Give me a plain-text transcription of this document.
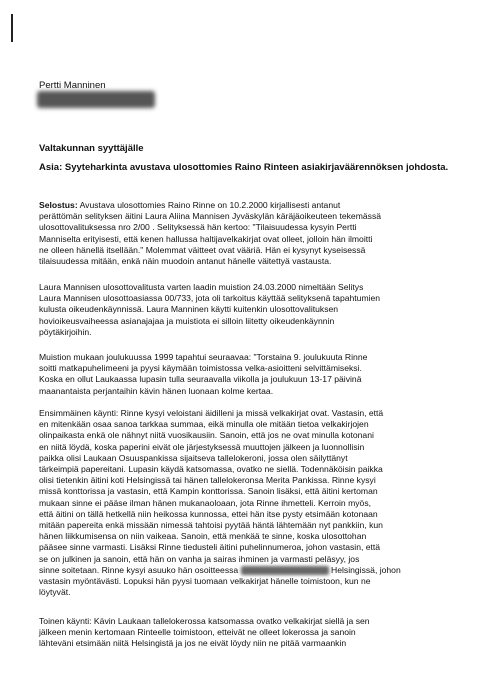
Pertti Manninen
Valtakunnan syyttäjälle
Asia: Syyteharkinta avustava ulosottomies Raino Rinteen asiakirjaväärennöksen johdosta.
Selostus: Avustava ulosottomies Raino Rinne on 10.2.2000 kirjallisesti antanut
perättömän selityksen äitini Laura Aliina Mannisen Jyväskylän käräjäoikeuteen tekemässä
ulosottovalituksessa nro 2/00 . Selityksessä hän kertoo: "Tilaisuudessa kysyin Pertti
Manniselta erityisesti, että kenen hallussa haltijavelkakirjat ovat olleet, jolloin hän ilmoitti
ne olleen hänellä itsellään." Molemmat väitteet ovat vääriä. Hän ei kysynyt kyseisessä
tilaisuudessa mitään, enkä näin muodoin antanut hänelle väitettyä vastausta.
Laura Mannisen ulosottovalitusta varten laadin muistion 24.03.2000 nimeltään Selitys
Laura Mannisen ulosottoasiassa 00/733, jota oli tarkoitus käyttää selityksenä tapahtumien
kulusta oikeudenkäynnissä. Laura Manninen käytti kuitenkin ulosottovalituksen
hovioikeusvaiheessa asianajajaa ja muistiota ei silloin liitetty oikeudenkäynnin
pöytäkirjoihin.
Muistion mukaan joulukuussa 1999 tapahtui seuraavaa: "Torstaina 9. joulukuuta Rinne
soitti matkapuhelimeeni ja pyysi käymään toimistossa velka-asioitteni selvittämiseksi.
Koska en ollut Laukaassa lupasin tulla seuraavalla viikolla ja joulukuun 13-17 päivinä
maanantaista perjantaihin kävin hänen luonaan kolme kertaa.
Ensimmäinen käynti: Rinne kysyi veloistani äidilleni ja missä velkakirjat ovat. Vastasin, että
en mitenkään osaa sanoa tarkkaa summaa, eikä minulla ole mitään tietoa velkakirjojen
olinpaikasta enkä ole nähnyt niitä vuosikausiin. Sanoin, että jos ne ovat minulla kotonani
en niitä löydä, koska paperini eivät ole järjestyksessä muuttojen jälkeen ja luonnollisin
paikka olisi Laukaan Osuuspankissa sijaitseva tallelokeroni, jossa olen säilyttänyt
tärkeimpiä papereitani. Lupasin käydä katsomassa, ovatko ne siellä. Todennäköisin paikka
olisi tietenkin äitini koti Helsingissä tai hänen tallelokeronsa Merita Pankissa. Rinne kysyi
missä konttorissa ja vastasin, että Kampin konttorissa. Sanoin lisäksi, että äitini kertoman
mukaan sinne ei pääse ilman hänen mukanaoloaan, jota Rinne ihmetteli. Kerroin myös,
että äitini on tällä hetkellä niin heikossa kunnossa, ettei hän itse pysty etsimään kotonaan
mitään papereita enkä missään nimessä tahtoisi pyytää häntä lähtemään nyt pankkiin, kun
hänen liikkumisensa on niin vaikeaa. Sanoin, että menkää te sinne, koska ulosottohan
pääsee sinne varmasti. Lisäksi Rinne tiedusteli äitini puhelinnumeroa, johon vastasin, että
se on julkinen ja sanoin, että hän on vanha ja sairas ihminen ja varmasti peläsyy, jos
sinne soitetaan. Rinne kysyi asuuko hän osoitteessa	Helsingissä, johon
vastasin myöntävästi. Lopuksi hän pyysi tuomaan velkakirjat hänelle toimistoon, kun ne
löytyvät.
Toinen käynti: Kävin Laukaan tallelokerossa katsomassa ovatko velkakirjat siellä ja sen
jälkeen menin kertomaan Rinteelle toimistoon, etteivät ne olleet lokerossa ja sanoin
lähteväni etsimään niitä Helsingistä ja jos ne eivät löydy niin ne pitää varmaankin
